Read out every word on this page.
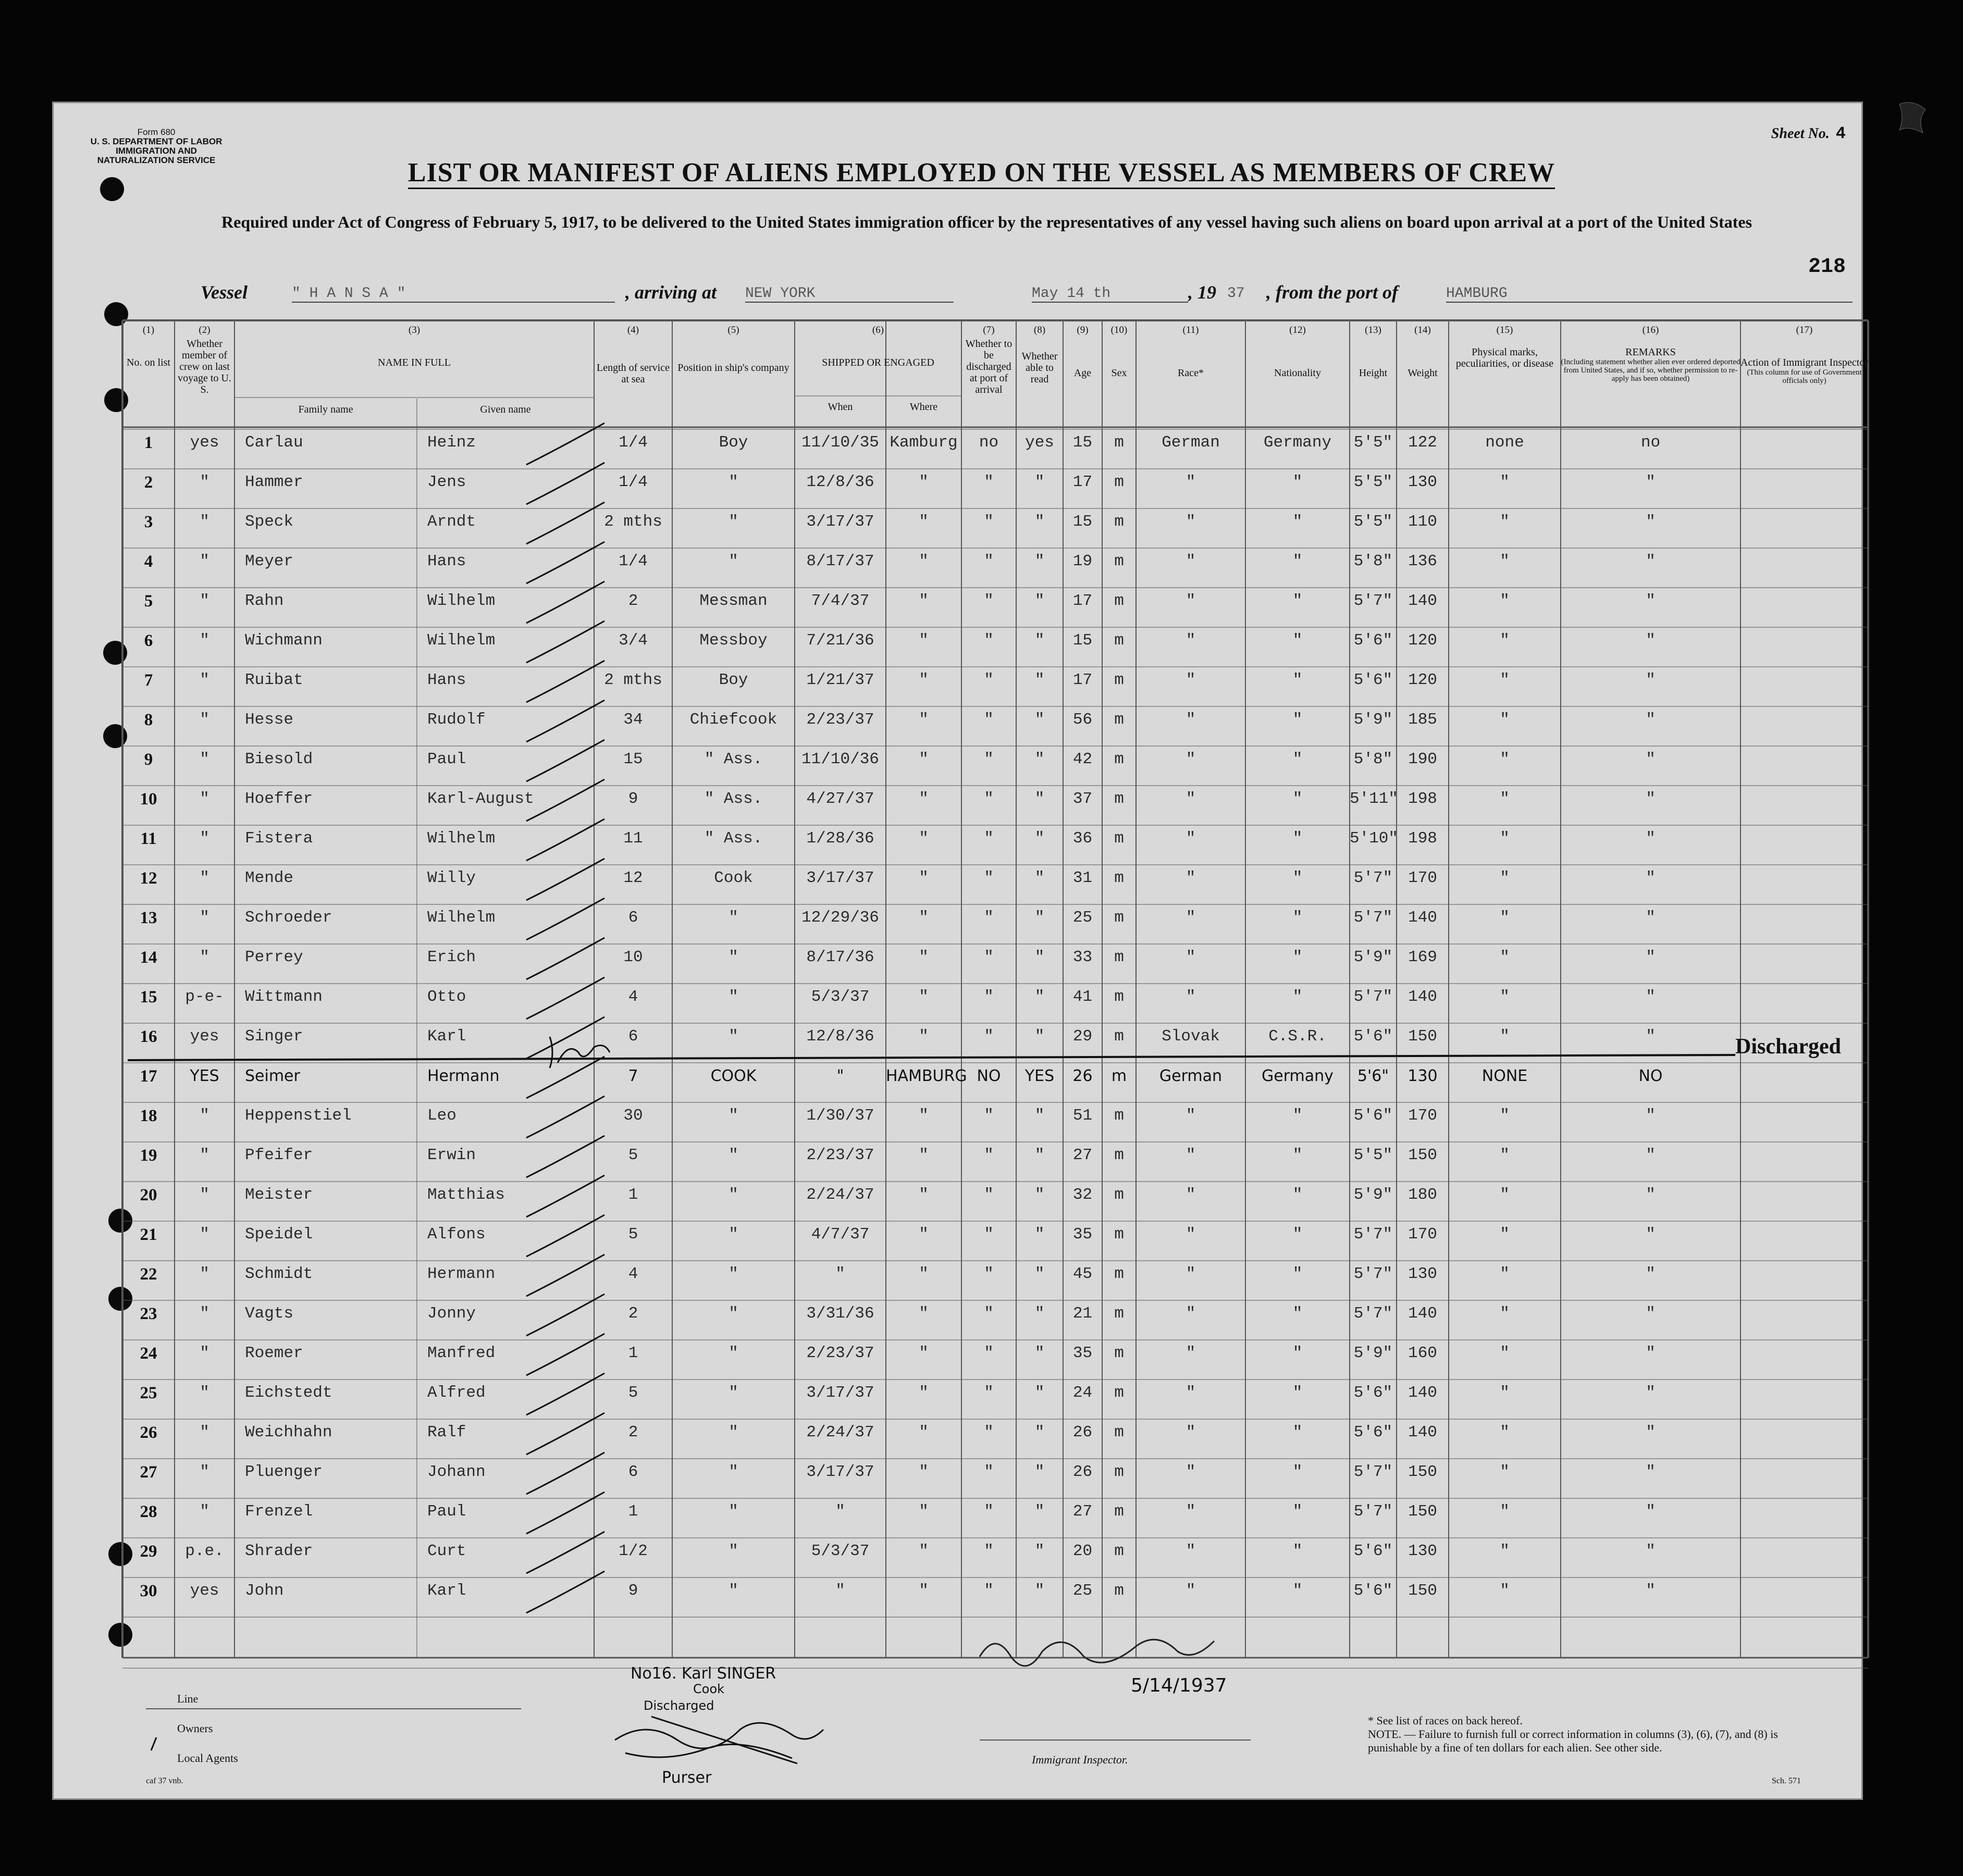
Form 680
U. S. DEPARTMENT OF LABOR
IMMIGRATION AND NATURALIZATION SERVICE
Sheet No. 4
LIST OR MANIFEST OF ALIENS EMPLOYED ON THE VESSEL AS MEMBERS OF CREW
Required under Act of Congress of February 5, 1917, to be delivered to the United States immigration officer by the representatives of any vessel having such aliens on board upon arrival at a port of the United States
218
Vessel	" H A N S A "	, arriving at NEW YORK	May 14 th	, 19 37 , from the port of	HAMBURG
(1)
No. on list
(2)
Whether member of crew on last voyage to U. S.
(3)
NAME IN FULL
(4)
Length of service at sea
(5)
Position in ship's company
(6)
SHIPPED OR ENGAGED
(7)
Whether to be discharged at port of arrival
(8)
Whether able to read
(9)
Age
(10)
Sex
(11)
Race*
(12)
Nationality
(13)
Height
(14)
Weight
(15)
Physical marks, peculiarities, or disease
(16)
REMARKS
(Including statement whether alien ever ordered deported from United States, and if so, whether permission to re-apply has been obtained)
(17)
Action of Immigrant Inspector
(This column for use of Government officials only)
Family name	Given name	When	Where
1	yes	Carlau	Heinz	1/4	Boy	11/10/35 Kamburg	no	yes	15	m	German	Germany	5'5" 122	none	no
2	"	Hammer	Jens	1/4	"	12/8/36	"	"	"	17	m	"	"	5'5" 130	"	"
3	"	Speck	Arndt	2 mths	"	3/17/37	"	"	"	15	m	"	"	5'5" 110	"	"
4	"	Meyer	Hans	1/4	"	8/17/37	"	"	"	19	m	"	"	5'8" 136	"	"
5	"	Rahn	Wilhelm	2	Messman	7/4/37	"	"	"	17	m	"	"	5'7" 140	"	"
6	"	Wichmann	Wilhelm	3/4	Messboy	7/21/36	"	"	"	15	m	"	"	5'6" 120	"	"
7	"	Ruibat	Hans	2 mths	Boy	1/21/37	"	"	"	17	m	"	"	5'6" 120	"	"
8	"	Hesse	Rudolf	34	Chiefcook	2/23/37	"	"	"	56	m	"	"	5'9" 185	"	"
9	"	Biesold	Paul	15	" Ass.	11/10/36	"	"	"	42	m	"	"	5'8" 190	"	"
10	"	Hoeffer	Karl-August	9	" Ass.	4/27/37	"	"	"	37	m	"	"	5'11" 198	"	"
11	"	Fistera	Wilhelm	11	" Ass.	1/28/36	"	"	"	36	m	"	"	5'10" 198	"	"
12	"	Mende	Willy	12	Cook	3/17/37	"	"	"	31	m	"	"	5'7" 170	"	"
13	"	Schroeder	Wilhelm	6	"	12/29/36	"	"	"	25	m	"	"	5'7" 140	"	"
14	"	Perrey	Erich	10	"	8/17/36	"	"	"	33	m	"	"	5'9" 169	"	"
15	p-e-	Wittmann	Otto	4	"	5/3/37	"	"	"	41	m	"	"	5'7" 140	"	"
16	yes	Singer	Karl	6	"	12/8/36	"	"	"	29	m	Slovak	C.S.R.	5'6" 150	"	"
17	YES	Seimer	Hermann	7	COOK	"	HAMBURG NO	YES	26	m	German	Germany	5'6"	130	NONE	NO
18	"	Heppenstiel	Leo	30	"	1/30/37	"	"	"	51	m	"	"	5'6" 170	"	"
19	"	Pfeifer	Erwin	5	"	2/23/37	"	"	"	27	m	"	"	5'5" 150	"	"
20	"	Meister	Matthias	1	"	2/24/37	"	"	"	32	m	"	"	5'9" 180	"	"
21	"	Speidel	Alfons	5	"	4/7/37	"	"	"	35	m	"	"	5'7" 170	"	"
22	"	Schmidt	Hermann	4	"	"	"	"	"	45	m	"	"	5'7" 130	"	"
23	"	Vagts	Jonny	2	"	3/31/36	"	"	"	21	m	"	"	5'7" 140	"	"
24	"	Roemer	Manfred	1	"	2/23/37	"	"	"	35	m	"	"	5'9" 160	"	"
25	"	Eichstedt	Alfred	5	"	3/17/37	"	"	"	24	m	"	"	5'6" 140	"	"
26	"	Weichhahn	Ralf	2	"	2/24/37	"	"	"	26	m	"	"	5'6" 140	"	"
27	"	Pluenger	Johann	6	"	3/17/37	"	"	"	26	m	"	"	5'7" 150	"	"
28	"	Frenzel	Paul	1	"	"	"	"	"	27	m	"	"	5'7" 150	"	"
29	p.e.	Shrader	Curt	1/2	"	5/3/37	"	"	"	20	m	"	"	5'6" 130	"	"
30	yes	John	Karl	9	"	"	"	"	"	25	m	"	"	5'6" 150	"	"
Discharged
Line
Owners
Local Agents
caf 37 vnb.
Immigrant Inspector.
No16. Karl SINGER
Cook
Discharged
Purser
5/14/1937
* See list of races on back hereof.
NOTE. — Failure to furnish full or correct information in columns (3), (6), (7), and (8) is punishable by a fine of ten dollars for each alien. See other side.
Sch. 571
